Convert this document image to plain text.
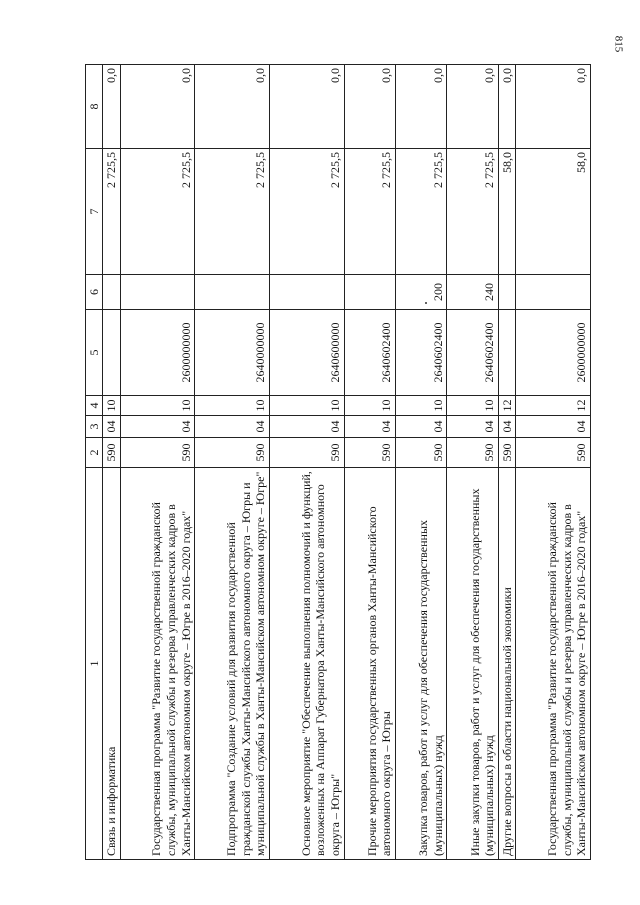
815
1	2	3	4	5	6	7	8
Связь и информатика	590	04	10			2 725,5	0,0
Государственная программа "Развитие государственной гражданской службы, муниципальной службы и резерва управленческих кадров в Ханты-Мансийском автономном округе – Югре в 2016–2020 годах"	590	04	10	2600000000		2 725,5	0,0
Подпрограмма "Создание условий для развития государственной гражданской службы Ханты-Мансийского автономного округа – Югры и муниципальной службы в Ханты-Мансийском автономном округе – Югре"	590	04	10	2640000000		2 725,5	0,0
Основное мероприятие "Обеспечение выполнения полномочий и функций, возложенных на Аппарат Губернатора Ханты-Мансийского автономного округа – Югры"	590	04	10	2640600000		2 725,5	0,0
Прочие мероприятия государственных органов Ханты-Мансийского автономного округа – Югры	590	04	10	2640602400		2 725,5	0,0
Закупка товаров, работ и услуг для обеспечения государственных (муниципальных) нужд	590	04	10	2640602400	200	2 725,5	0,0
Иные закупки товаров, работ и услуг для обеспечения государственных (муниципальных) нужд	590	04	10	2640602400	240	2 725,5	0,0
Другие вопросы в области национальной экономики	590	04	12			58,0	0,0
Государственная программа "Развитие государственной гражданской службы, муниципальной службы и резерва управленческих кадров в Ханты-Мансийском автономном округе – Югре в 2016–2020 годах"	590	04	12	2600000000		58,0	0,0
